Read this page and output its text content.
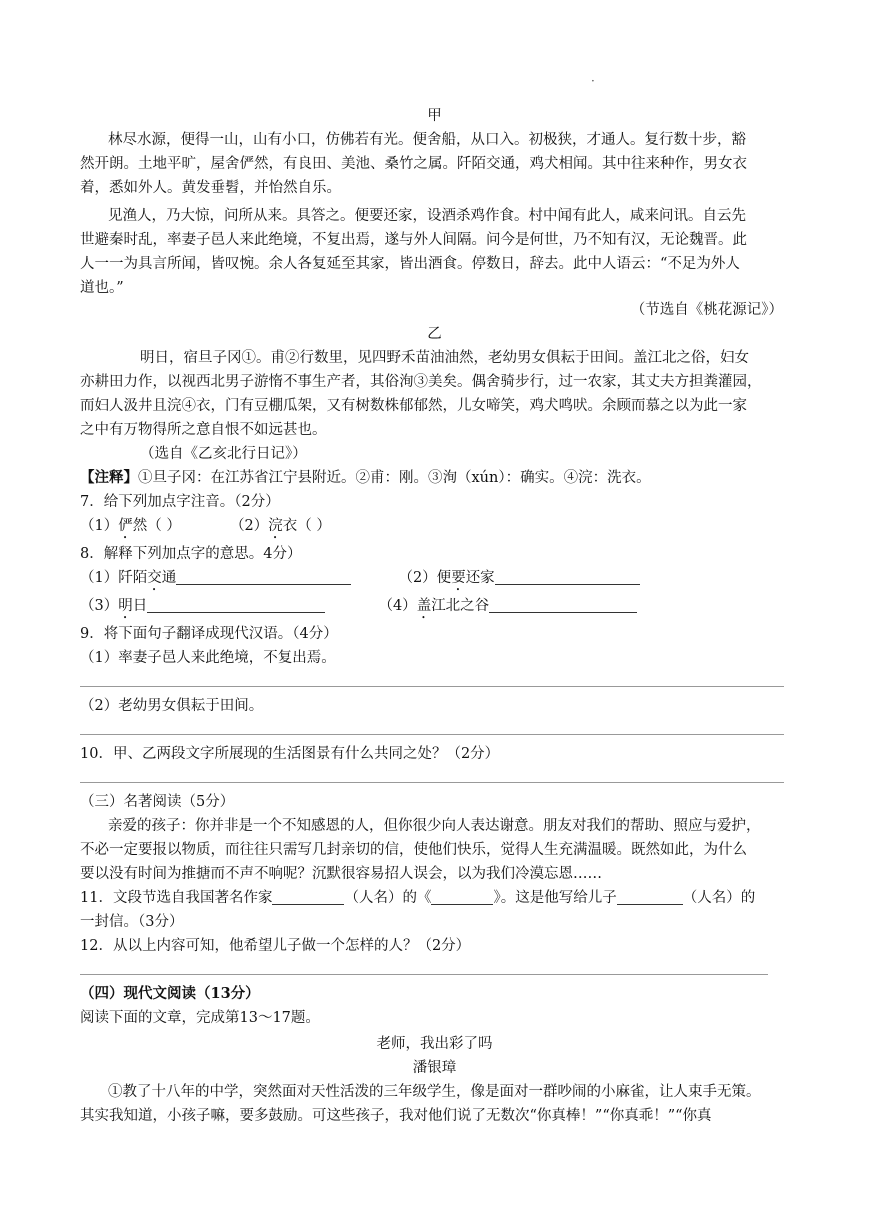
·
甲
林尽水源，便得一山，山有小口，仿佛若有光。便舍船，从口入。初极狭，才通人。复行数十步，豁
然开朗。土地平旷，屋舍俨然，有良田、美池、桑竹之属。阡陌交通，鸡犬相闻。其中往来种作，男女衣
着，悉如外人。黄发垂髫，并怡然自乐。
见渔人，乃大惊，问所从来。具答之。便要还家，设酒杀鸡作食。村中闻有此人，咸来问讯。自云先
世避秦时乱，率妻子邑人来此绝境，不复出焉，遂与外人间隔。问今是何世，乃不知有汉，无论魏晋。此
人一一为具言所闻，皆叹惋。余人各复延至其家，皆出酒食。停数日，辞去。此中人语云：“不足为外人
道也。”
（节选自《桃花源记》）
乙
明日，宿旦子冈①。甫②行数里，见四野禾苗油油然，老幼男女俱耘于田间。盖江北之俗，妇女
亦耕田力作，以视西北男子游惰不事生产者，其俗洵③美矣。偶舍骑步行，过一农家，其丈夫方担粪灌园，
而妇人汲井且浣④衣，门有豆棚瓜架，又有树数株郁郁然，儿女啼笑，鸡犬鸣吠。余顾而慕之以为此一家
之中有万物得所之意自恨不如远甚也。
（选自《乙亥北行日记》）
【注释】①旦子冈：在江苏省江宁县附近。②甫：刚。③洵（xún）：确实。④浣：洗衣。
7．给下列加点字注音。（2分）
（1）俨然（ ）	（2）浣衣（ ）
8．解释下列加点字的意思。4分）
（1）阡陌交通	（2）便要还家
（3）明日	（4）盖江北之谷
9．将下面句子翻译成现代汉语。（4分）
（1）率妻子邑人来此绝境，不复出焉。
（2）老幼男女俱耘于田间。
10．甲、乙两段文字所展现的生活图景有什么共同之处？（2分）
（三）名著阅读（5分）
亲爱的孩子：你并非是一个不知感恩的人，但你很少向人表达谢意。朋友对我们的帮助、照应与爱护，
不必一定要报以物质，而往往只需写几封亲切的信，使他们快乐，觉得人生充满温暖。既然如此，为什么
要以没有时间为推搪而不声不响呢？沉默很容易招人误会，以为我们冷漠忘恩……
11．文段节选自我国著名作家	（人名）的《	》。这是他写给儿子	（人名）的
一封信。（3分）
12．从以上内容可知，他希望儿子做一个怎样的人？（2分）
（四）现代文阅读（13分）
阅读下面的文章，完成第13～17题。
老师，我出彩了吗
潘银璋
①教了十八年的中学，突然面对天性活泼的三年级学生，像是面对一群吵闹的小麻雀，让人束手无策。
其实我知道，小孩子嘛，要多鼓励。可这些孩子，我对他们说了无数次“你真棒！”“你真乖！”“你真
